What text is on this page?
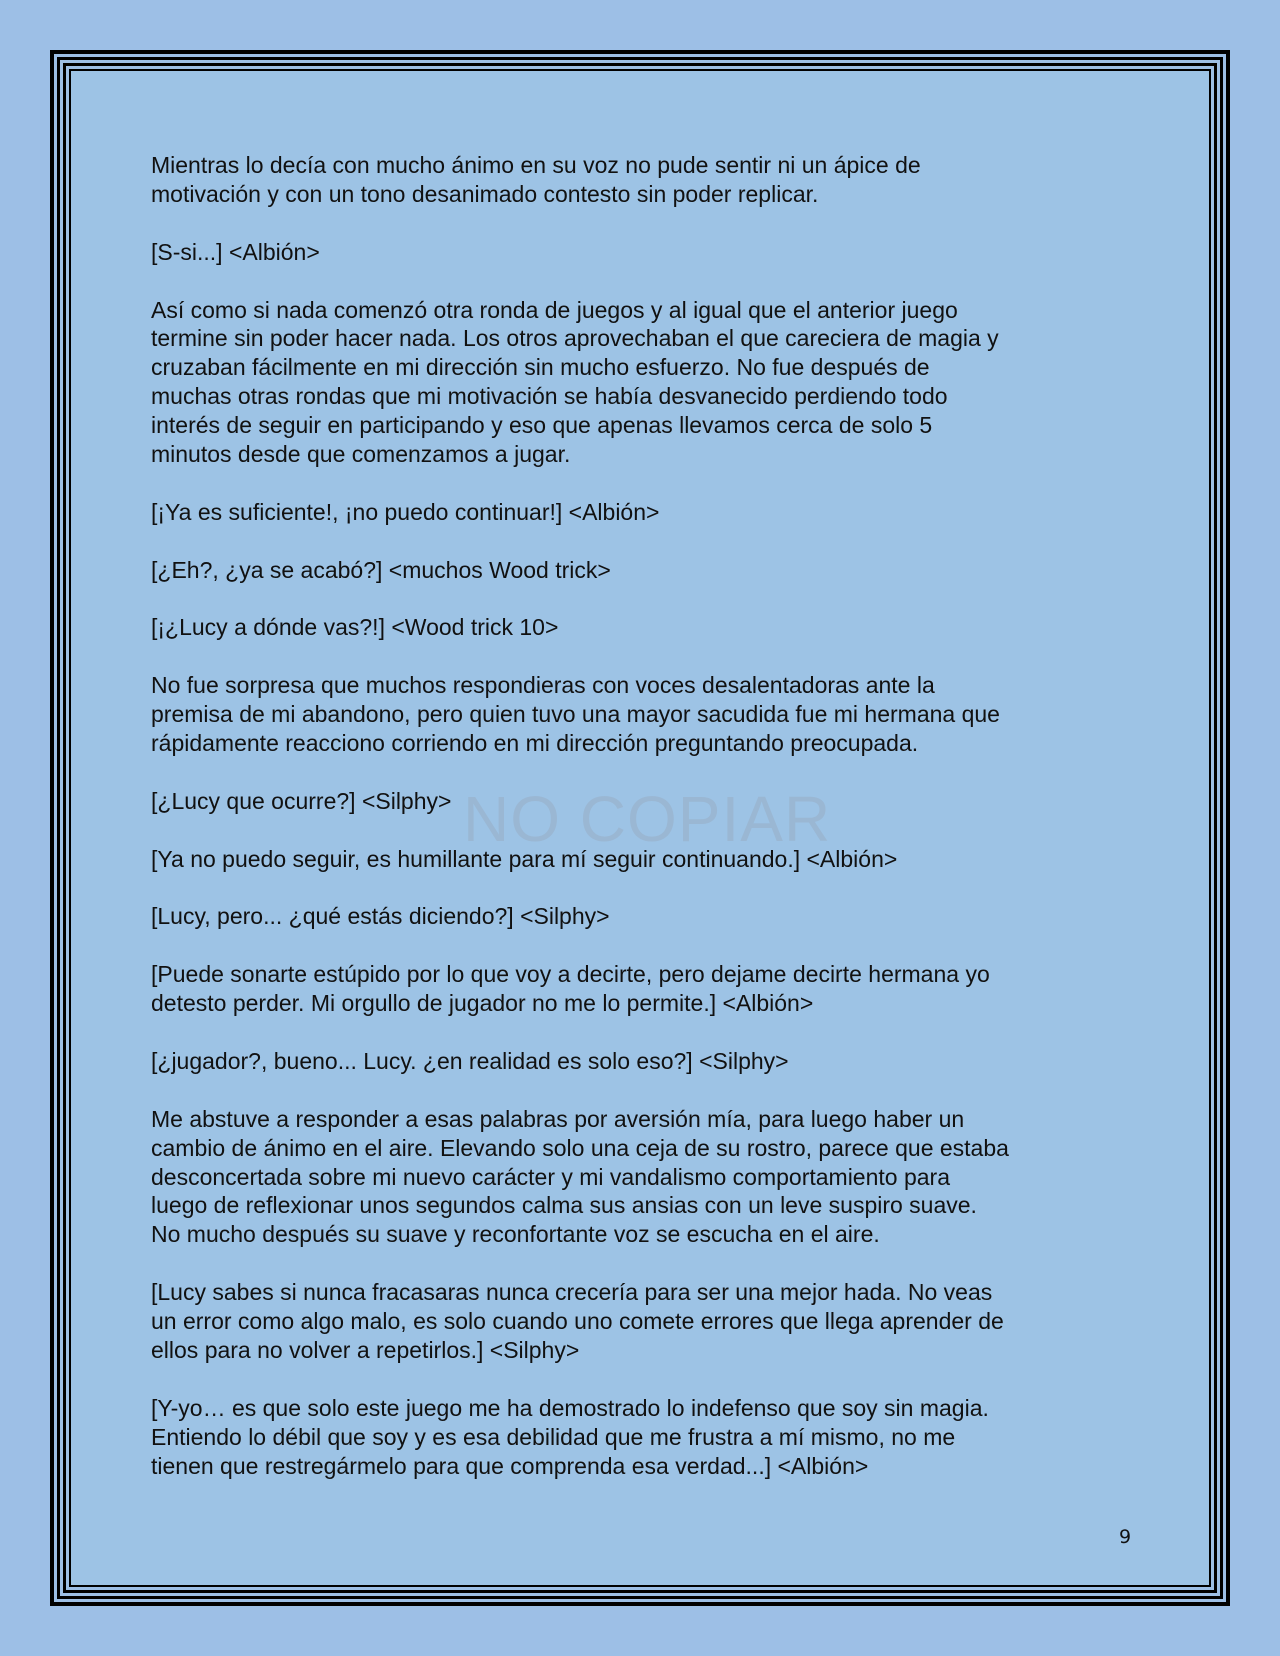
NO COPIAR

Mientras lo decía con mucho ánimo en su voz no pude sentir ni un ápice de
motivación y con un tono desanimado contesto sin poder replicar.

[S-si...] <Albión>

Así como si nada comenzó otra ronda de juegos y al igual que el anterior juego
termine sin poder hacer nada. Los otros aprovechaban el que careciera de magia y
cruzaban fácilmente en mi dirección sin mucho esfuerzo. No fue después de
muchas otras rondas que mi motivación se había desvanecido perdiendo todo
interés de seguir en participando y eso que apenas llevamos cerca de solo 5
minutos desde que comenzamos a jugar.

[¡Ya es suficiente!, ¡no puedo continuar!] <Albión>

[¿Eh?, ¿ya se acabó?] <muchos Wood trick>

[¡¿Lucy a dónde vas?!] <Wood trick 10>

No fue sorpresa que muchos respondieras con voces desalentadoras ante la
premisa de mi abandono, pero quien tuvo una mayor sacudida fue mi hermana que
rápidamente reacciono corriendo en mi dirección preguntando preocupada.

[¿Lucy que ocurre?] <Silphy>

[Ya no puedo seguir, es humillante para mí seguir continuando.] <Albión>

[Lucy, pero... ¿qué estás diciendo?] <Silphy>

[Puede sonarte estúpido por lo que voy a decirte, pero dejame decirte hermana yo
detesto perder. Mi orgullo de jugador no me lo permite.] <Albión>

[¿jugador?, bueno... Lucy. ¿en realidad es solo eso?] <Silphy>

Me abstuve a responder a esas palabras por aversión mía, para luego haber un
cambio de ánimo en el aire. Elevando solo una ceja de su rostro, parece que estaba
desconcertada sobre mi nuevo carácter y mi vandalismo comportamiento para
luego de reflexionar unos segundos calma sus ansias con un leve suspiro suave.
No mucho después su suave y reconfortante voz se escucha en el aire.

[Lucy sabes si nunca fracasaras nunca crecería para ser una mejor hada. No veas
un error como algo malo, es solo cuando uno comete errores que llega aprender de
ellos para no volver a repetirlos.] <Silphy>

[Y-yo… es que solo este juego me ha demostrado lo indefenso que soy sin magia.
Entiendo lo débil que soy y es esa debilidad que me frustra a mí mismo, no me
tienen que restregármelo para que comprenda esa verdad...] <Albión>

9
